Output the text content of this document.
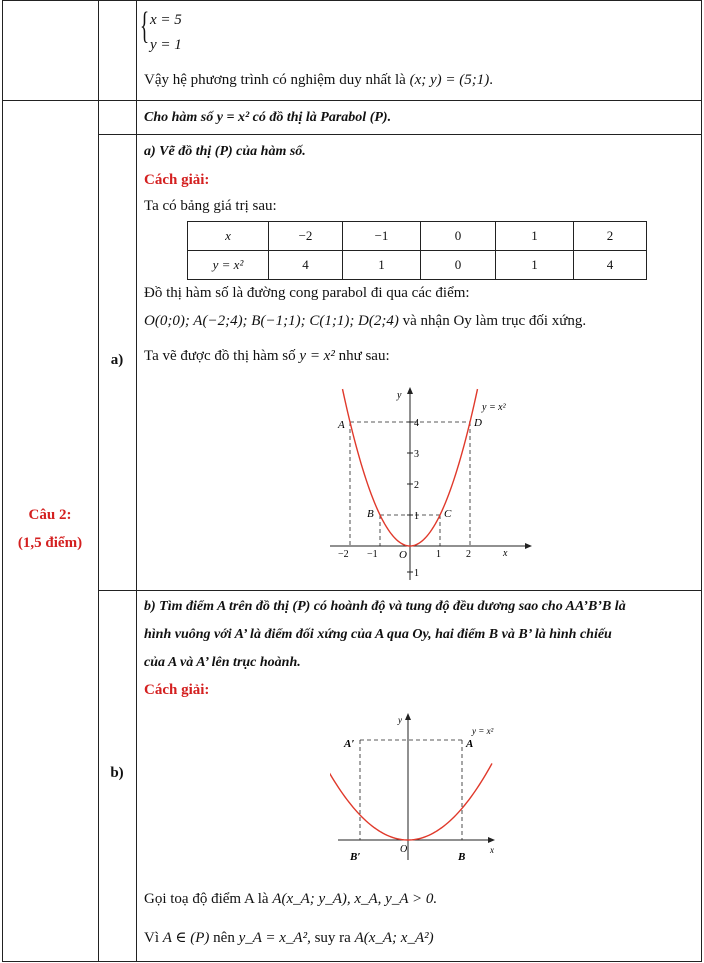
{ x = 5
y = 1
Vậy hệ phương trình có nghiệm duy nhất là (x; y) = (5;1).
Câu 2:
(1,5 điểm)
Cho hàm số y = x² có đồ thị là Parabol (P).
a)
a) Vẽ đồ thị (P) của hàm số.
Cách giải:
Ta có bảng giá trị sau:
x	−2	−1	0	1	2
y = x²	4	1	0	1	4
Đồ thị hàm số là đường cong parabol đi qua các điểm:
O(0;0); A(−2;4); B(−1;1); C(1;1); D(2;4) và nhận Oy làm trục đối xứng.
Ta vẽ được đồ thị hàm số y = x² như sau:
y
x
O
y = x²
A	D
B	C
−2 −1	1	2
1
2
3
4
1
b)
b) Tìm điểm A trên đồ thị (P) có hoành độ và tung độ đều dương sao cho AA’B’B là
hình vuông với A’ là điểm đối xứng của A qua Oy, hai điểm B và B’ là hình chiếu
của A và A’ lên trục hoành.
Cách giải:
y
x
O
y = x²
A′	A
B′	B
Gọi toạ độ điểm A là A(x_A; y_A), x_A, y_A > 0.
Vì A ∈ (P) nên y_A = x_A², suy ra A(x_A; x_A²)
